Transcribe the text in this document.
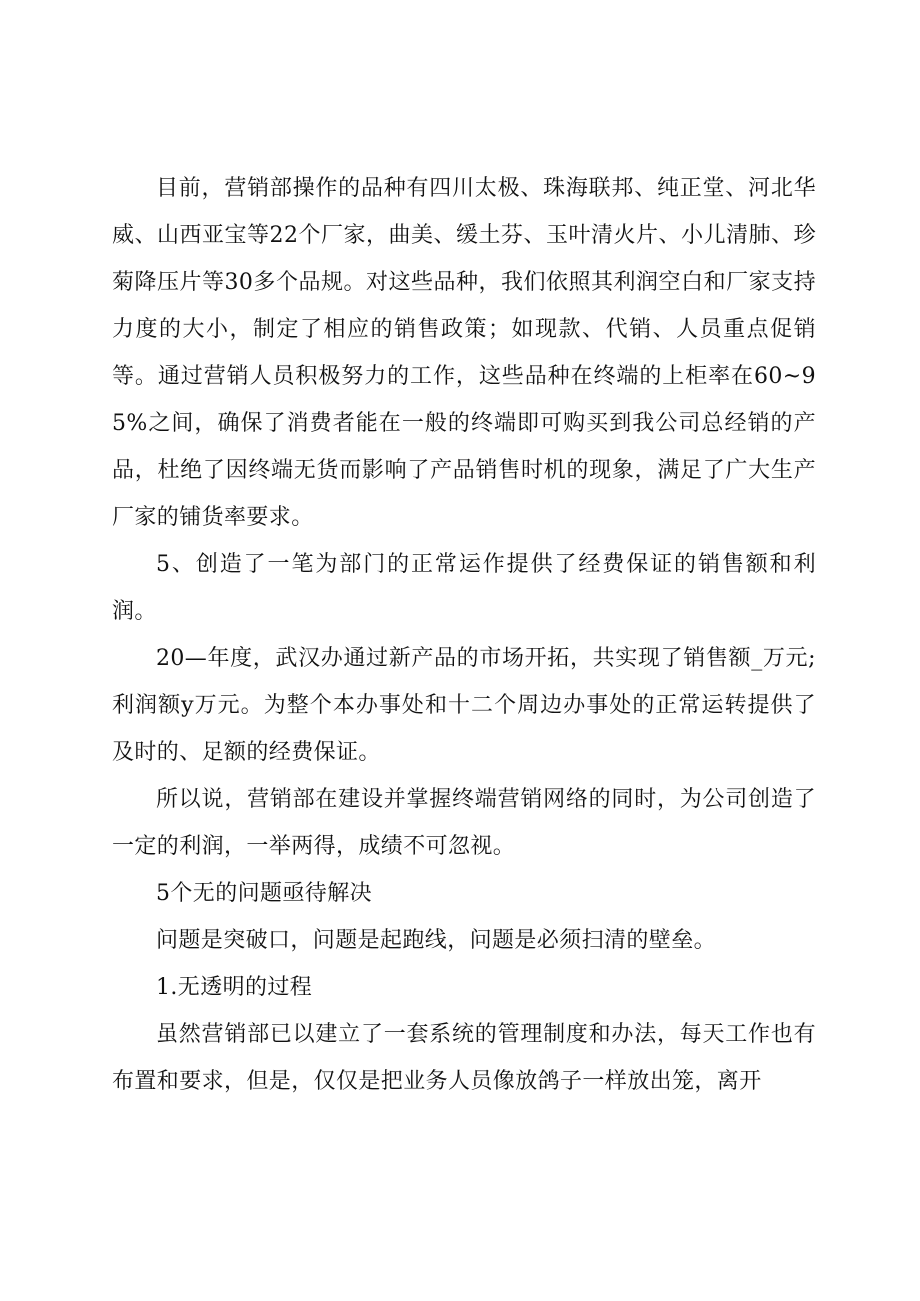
目前，营销部操作的品种有四川太极、珠海联邦、纯正堂、河北华威、山西亚宝等22个厂家，曲美、缓土芬、玉叶清火片、小儿清肺、珍菊降压片等30多个品规。对这些品种，我们依照其利润空白和厂家支持力度的大小，制定了相应的销售政策；如现款、代销、人员重点促销等。通过营销人员积极努力的工作，这些品种在终端的上柜率在60~95%之间，确保了消费者能在一般的终端即可购买到我公司总经销的产品，杜绝了因终端无货而影响了产品销售时机的现象，满足了广大生产厂家的铺货率要求。

5、创造了一笔为部门的正常运作提供了经费保证的销售额和利润。

20—年度，武汉办通过新产品的市场开拓，共实现了销售额_万元;利润额y万元。为整个本办事处和十二个周边办事处的正常运转提供了及时的、足额的经费保证。

所以说，营销部在建设并掌握终端营销网络的同时，为公司创造了一定的利润，一举两得，成绩不可忽视。

5个无的问题亟待解决

问题是突破口，问题是起跑线，问题是必须扫清的壁垒。

1.无透明的过程

虽然营销部已以建立了一套系统的管理制度和办法，每天工作也有布置和要求，但是，仅仅是把业务人员像放鸽子一样放出笼，离开
